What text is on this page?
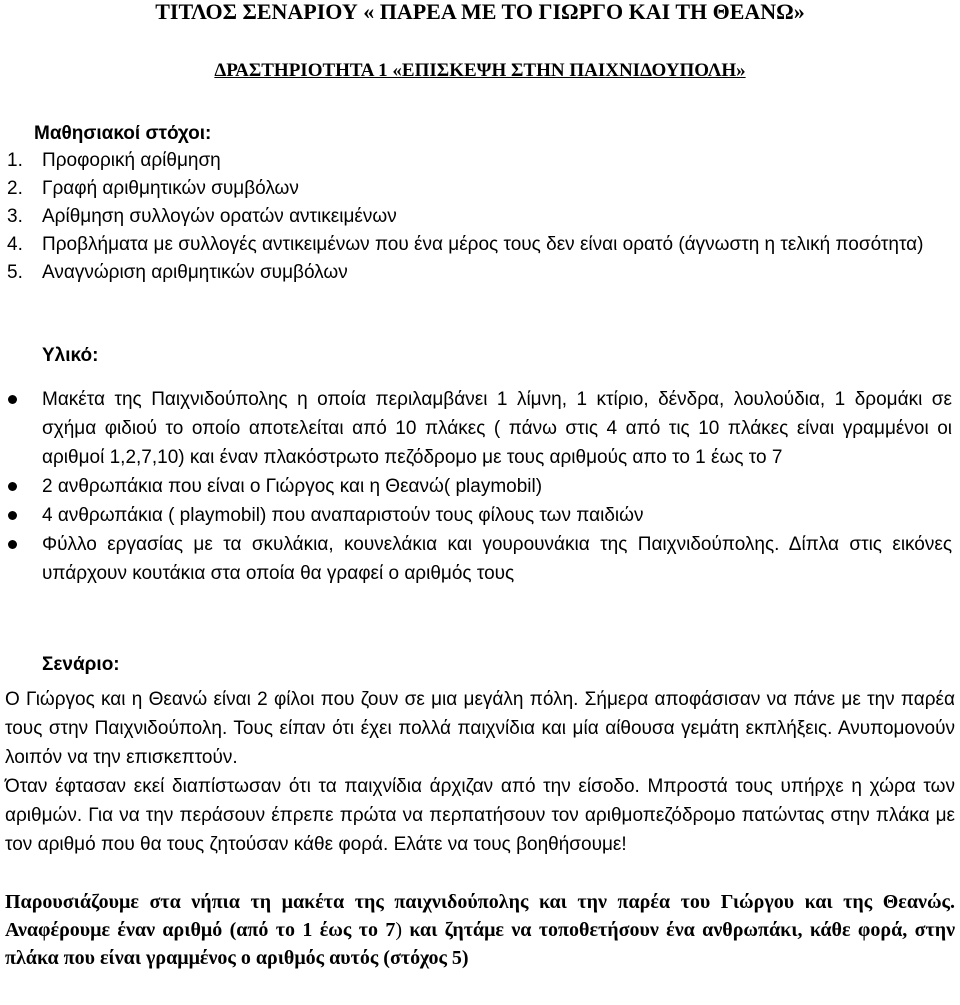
ΤΙΤΛΟΣ ΣΕΝΑΡΙΟΥ « ΠΑΡΕΑ ΜΕ ΤΟ ΓΙΩΡΓΟ ΚΑΙ ΤΗ ΘΕΑΝΩ»
ΔΡΑΣΤΗΡΙΟΤΗΤΑ 1 «ΕΠΙΣΚΕΨΗ ΣΤΗΝ ΠΑΙΧΝΙΔΟΥΠΟΛΗ»
Μαθησιακοί στόχοι:
1. Προφορική αρίθμηση
2. Γραφή αριθμητικών συμβόλων
3. Αρίθμηση συλλογών ορατών αντικειμένων
4. Προβλήματα με συλλογές αντικειμένων που ένα μέρος τους δεν είναι ορατό (άγνωστη η τελική ποσότητα)
5. Αναγνώριση αριθμητικών συμβόλων
Υλικό:
Μακέτα της Παιχνιδούπολης η οποία περιλαμβάνει 1 λίμνη, 1 κτίριο, δένδρα, λουλούδια, 1 δρομάκι σε σχήμα φιδιού το οποίο αποτελείται από 10 πλάκες ( πάνω στις 4 από τις 10 πλάκες είναι γραμμένοι οι αριθμοί 1,2,7,10) και έναν πλακόστρωτο πεζόδρομο με τους αριθμούς απο το 1 έως το 7
2 ανθρωπάκια που είναι ο Γιώργος και η Θεανώ( playmobil)
4 ανθρωπάκια ( playmobil) που αναπαριστούν τους φίλους των παιδιών
Φύλλο εργασίας με τα σκυλάκια, κουνελάκια και γουρουνάκια της Παιχνιδούπολης. Δίπλα στις εικόνες υπάρχουν κουτάκια στα οποία θα γραφεί ο αριθμός τους
Σενάριο:

Ο Γιώργος και η Θεανώ είναι 2 φίλοι που ζουν σε μια μεγάλη πόλη. Σήμερα αποφάσισαν να πάνε με την παρέα τους στην Παιχνιδούπολη. Τους είπαν ότι έχει πολλά παιχνίδια και μία αίθουσα γεμάτη εκπλήξεις. Ανυπομονούν λοιπόν να την επισκεπτούν.

Όταν έφτασαν εκεί διαπίστωσαν ότι τα παιχνίδια άρχιζαν από την είσοδο. Μπροστά τους υπήρχε η χώρα των αριθμών. Για να την περάσουν έπρεπε πρώτα να περπατήσουν τον αριθμοπεζόδρομο πατώντας στην πλάκα με τον αριθμό που θα τους ζητούσαν κάθε φορά. Ελάτε να τους βοηθήσουμε!

Παρουσιάζουμε στα νήπια τη μακέτα της παιχνιδούπολης και την παρέα του Γιώργου και της Θεανώς. Αναφέρουμε έναν αριθμό (από το 1 έως το 7) και ζητάμε να τοποθετήσουν ένα ανθρωπάκι, κάθε φορά, στην πλάκα που είναι γραμμένος ο αριθμός αυτός (στόχος 5)
